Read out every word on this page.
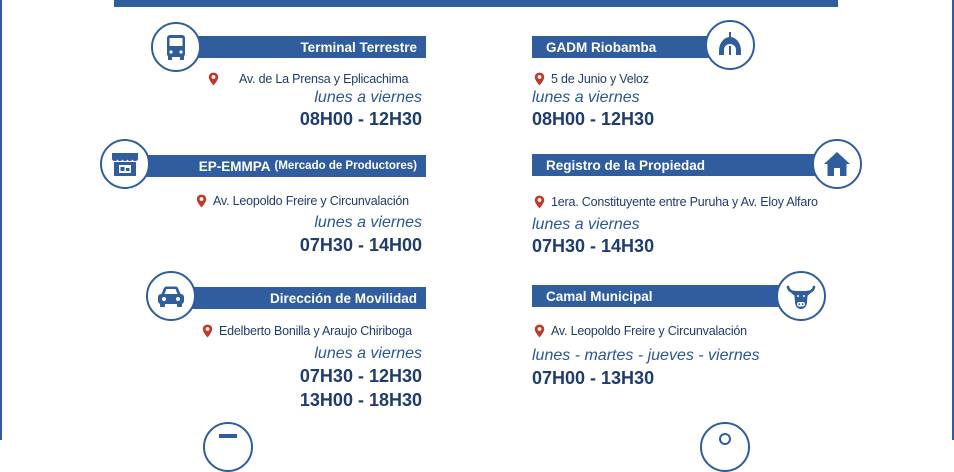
Terminal Terrestre
Av. de La Prensa y Eplicachima
lunes a viernes
08H00 - 12H30
GADM Riobamba
5 de Junio y Veloz
lunes a viernes
08H00 - 12H30
EP-EMMPA (Mercado de Productores)
Av. Leopoldo Freire y Circunvalación
lunes a viernes
07H30 - 14H00
Registro de la Propiedad
1era. Constituyente entre Puruha y Av. Eloy Alfaro
lunes a viernes
07H30 - 14H30
Dirección de Movilidad
Edelberto Bonilla y Araujo Chiriboga
lunes a viernes
07H30 - 12H30
13H00 - 18H30
Camal Municipal
Av. Leopoldo Freire y Circunvalación
lunes - martes - jueves - viernes
07H00 - 13H30
